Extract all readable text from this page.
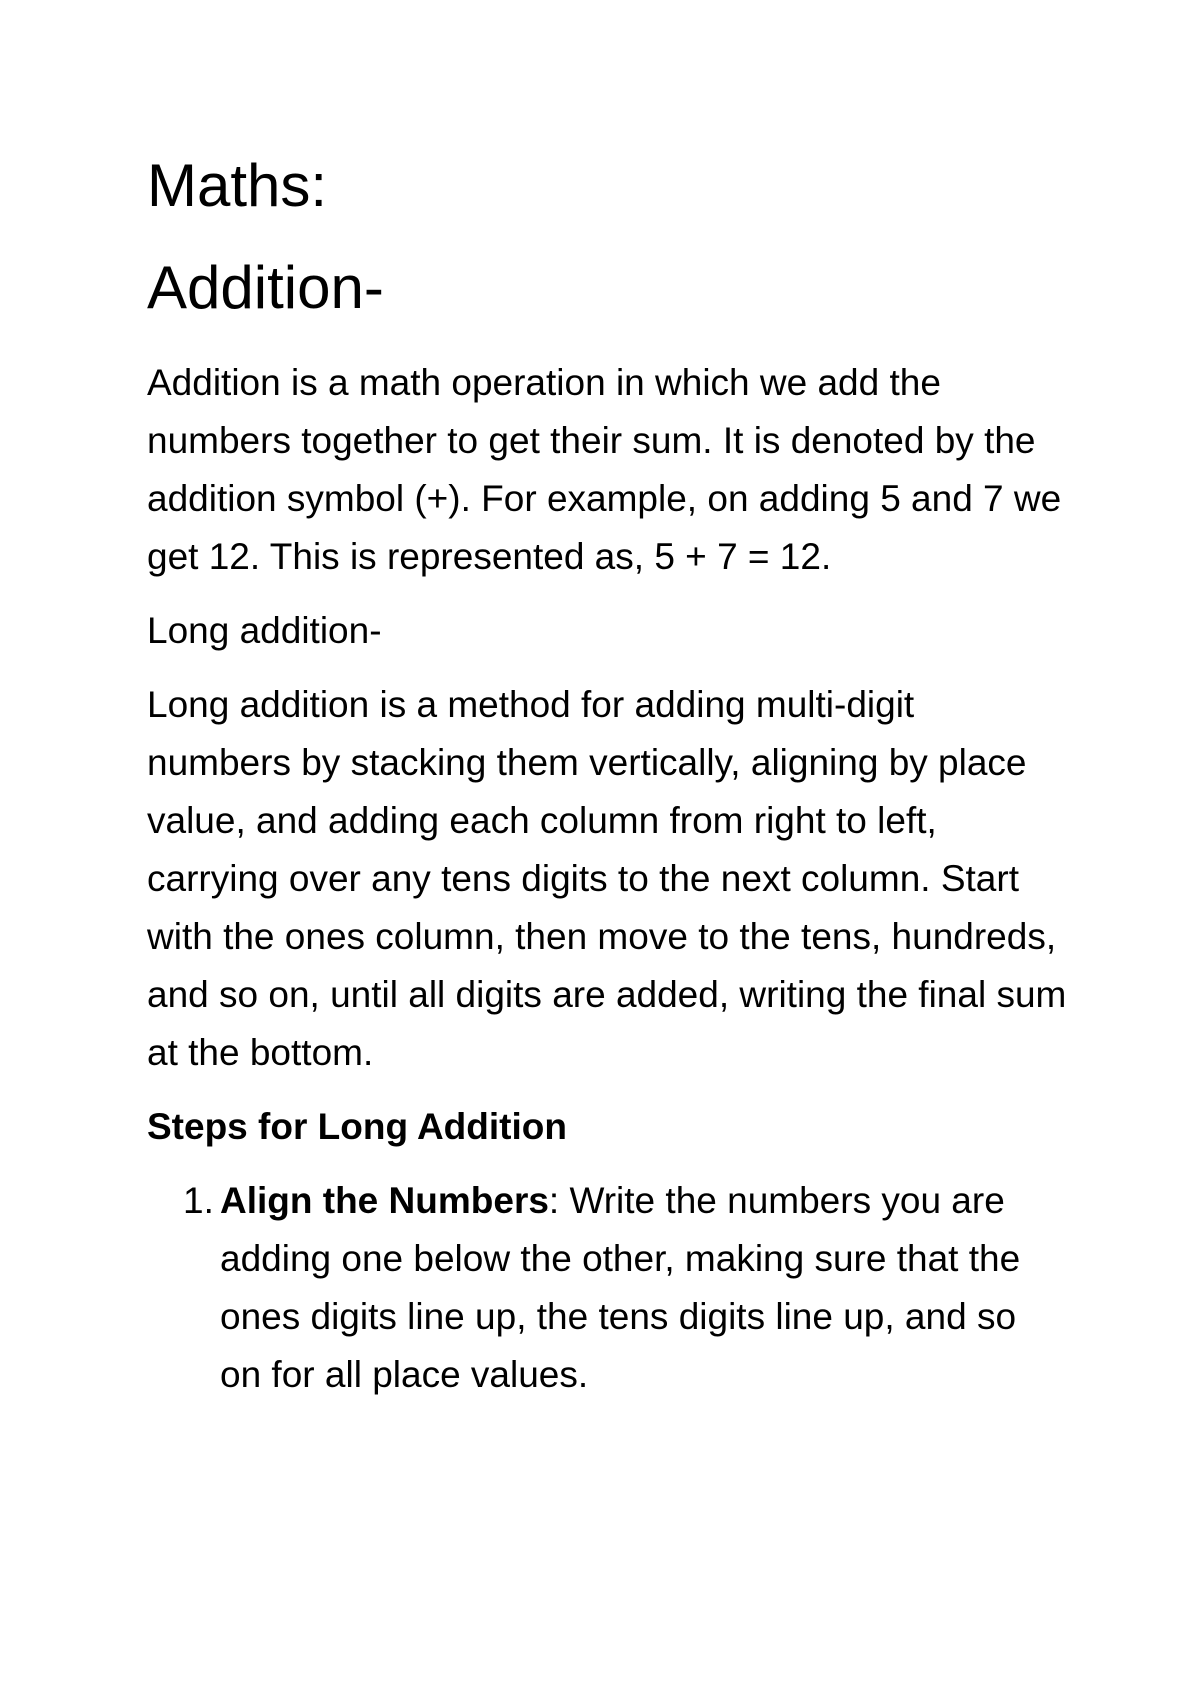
Maths:
Addition-

Addition is a math operation in which we add the numbers together to get their sum. It is denoted by the addition symbol (+). For example, on adding 5 and 7 we get 12. This is represented as, 5 + 7 = 12.

Long addition-

Long addition is a method for adding multi-digit numbers by stacking them vertically, aligning by place value, and adding each column from right to left, carrying over any tens digits to the next column. Start with the ones column, then move to the tens, hundreds, and so on, until all digits are added, writing the final sum at the bottom.

Steps for Long Addition

1. Align the Numbers: Write the numbers you are adding one below the other, making sure that the ones digits line up, the tens digits line up, and so on for all place values.
